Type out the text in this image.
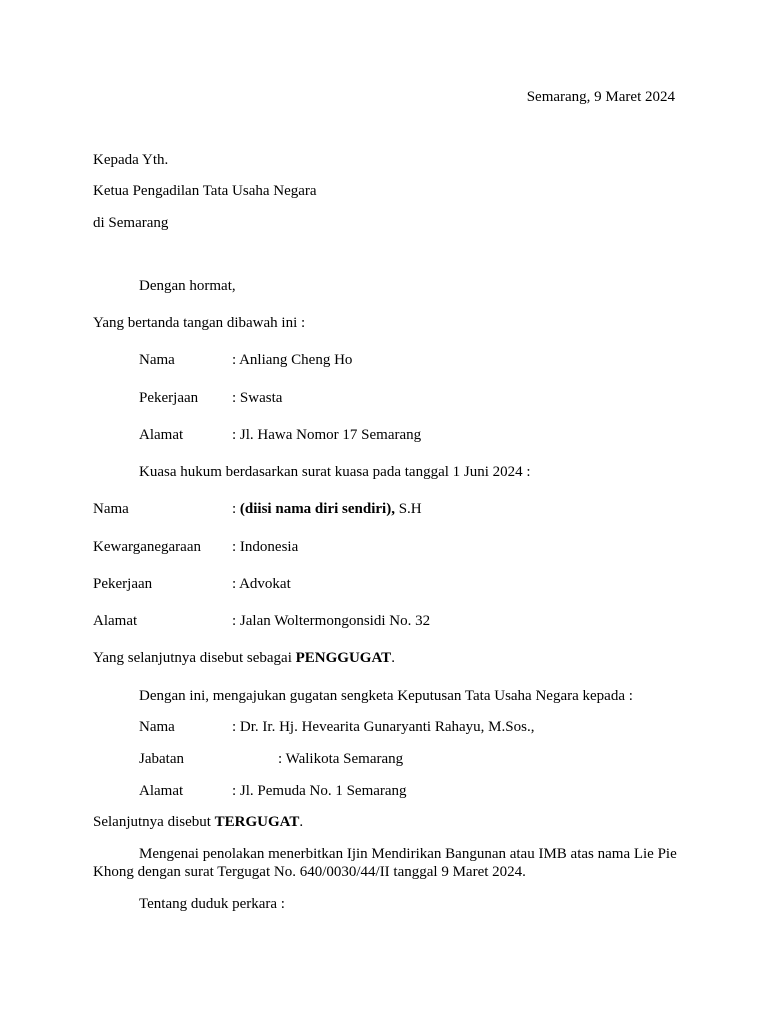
Semarang, 9 Maret 2024
Kepada Yth.
Ketua Pengadilan Tata Usaha Negara
di Semarang
Dengan hormat,
Yang bertanda tangan dibawah ini :
Nama	: Anliang Cheng Ho
Pekerjaan : Swasta
Alamat	: Jl. Hawa Nomor 17 Semarang
Kuasa hukum berdasarkan surat kuasa pada tanggal 1 Juni 2024 :
Nama	: (diisi nama diri sendiri), S.H
Kewarganegaraan : Indonesia
Pekerjaan	: Advokat
Alamat	: Jalan Woltermongonsidi No. 32
Yang selanjutnya disebut sebagai PENGGUGAT.
Dengan ini, mengajukan gugatan sengketa Keputusan Tata Usaha Negara kepada :
Nama	: Dr. Ir. Hj. Hevearita Gunaryanti Rahayu, M.Sos.,
Jabatan	: Walikota Semarang
Alamat	: Jl. Pemuda No. 1 Semarang
Selanjutnya disebut TERGUGAT.
Mengenai penolakan menerbitkan Ijin Mendirikan Bangunan atau IMB atas nama Lie Pie Khong dengan surat Tergugat No. 640/0030/44/II tanggal 9 Maret 2024.
Tentang duduk perkara :
